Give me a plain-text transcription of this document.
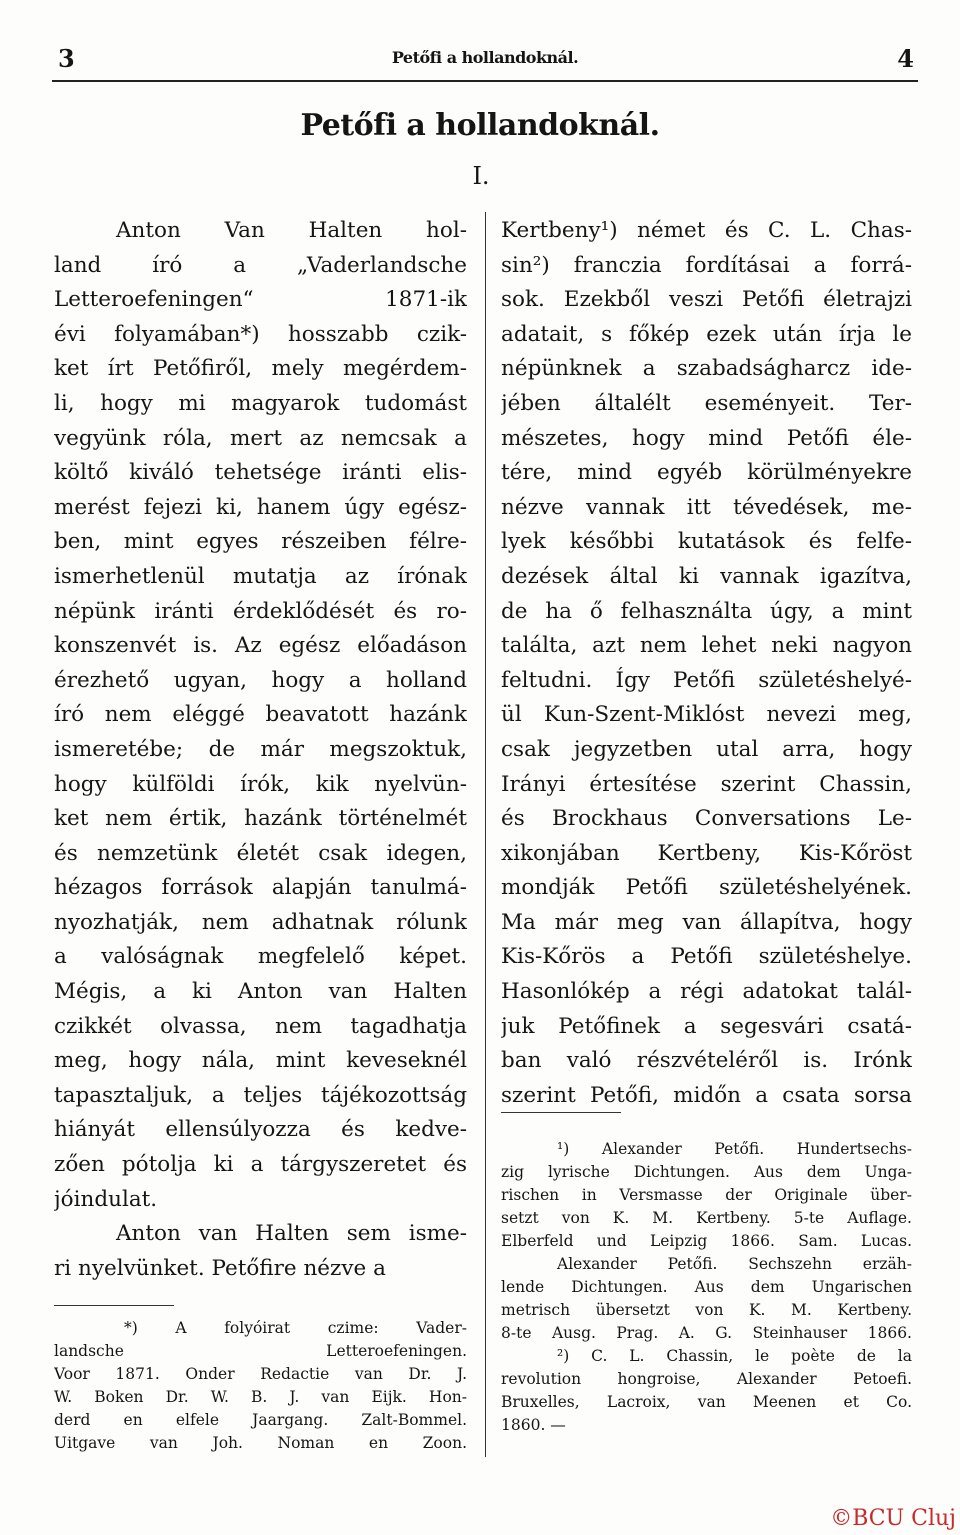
3	Petőfi a hollandoknál.	4
Petőfi a hollandoknál.
I.
Anton Van Halten hol-
land író a „Vaderlandsche
Letteroefeningen“ 1871-ik
évi folyamában*) hosszabb czik-
ket írt Petőfiről, mely megérdem-
li, hogy mi magyarok tudomást
vegyünk róla, mert az nemcsak a
költő kiváló tehetsége iránti elis-
merést fejezi ki, hanem úgy egész-
ben, mint egyes részeiben félre-
ismerhetlenül mutatja az írónak
népünk iránti érdeklődését és ro-
konszenvét is. Az egész előadáson
érezhető ugyan, hogy a holland
író nem eléggé beavatott hazánk
ismeretébe; de már megszoktuk,
hogy külföldi írók, kik nyelvün-
ket nem értik, hazánk történelmét
és nemzetünk életét csak idegen,
hézagos források alapján tanulmá-
nyozhatják, nem adhatnak rólunk
a valóságnak megfelelő képet.
Mégis, a ki Anton van Halten
czikkét olvassa, nem tagadhatja
meg, hogy nála, mint keveseknél
tapasztaljuk, a teljes tájékozottság
hiányát ellensúlyozza és kedve-
zően pótolja ki a tárgyszeretet és
jóindulat.
Anton van Halten sem isme-
ri nyelvünket. Petőfire nézve a
Kertbeny¹) német és C. L. Chas-
sin²) franczia fordításai a forrá-
sok. Ezekből veszi Petőfi életrajzi
adatait, s főkép ezek után írja le
népünknek a szabadságharcz ide-
jében általélt eseményeit. Ter-
mészetes, hogy mind Petőfi éle-
tére, mind egyéb körülményekre
nézve vannak itt tévedések, me-
lyek későbbi kutatások és felfe-
dezések által ki vannak igazítva,
de ha ő felhasználta úgy, a mint
találta, azt nem lehet neki nagyon
feltudni. Így Petőfi születéshelyé-
ül Kun-Szent-Miklóst nevezi meg,
csak jegyzetben utal arra, hogy
Irányi értesítése szerint Chassin,
és Brockhaus Conversations Le-
xikonjában Kertbeny, Kis-Kőröst
mondják Petőfi születéshelyének.
Ma már meg van állapítva, hogy
Kis-Kőrös a Petőfi születéshelye.
Hasonlókép a régi adatokat talál-
juk Petőfinek a segesvári csatá-
ban való részvételéről is. Irónk
szerint Petőfi, midőn a csata sorsa
*) A folyóirat czime: Vader-
landsche Letteroefeningen.
Voor 1871. Onder Redactie van Dr. J.
W. Boken Dr. W. B. J. van Eijk. Hon-
derd en elfele Jaargang. Zalt-Bommel.
Uitgave van Joh. Noman en Zoon.
¹) Alexander Petőfi. Hundertsechs-
zig lyrische Dichtungen. Aus dem Unga-
rischen in Versmasse der Originale über-
setzt von K. M. Kertbeny. 5-te Auflage.
Elberfeld und Leipzig 1866. Sam. Lucas.
Alexander Petőfi. Sechszehn erzäh-
lende Dichtungen. Aus dem Ungarischen
metrisch übersetzt von K. M. Kertbeny.
8-te Ausg. Prag. A. G. Steinhauser 1866.
²) C. L. Chassin, le poète de la
revolution hongroise, Alexander Petoefi.
Bruxelles, Lacroix, van Meenen et Co.
1860. —
©BCU Cluj
